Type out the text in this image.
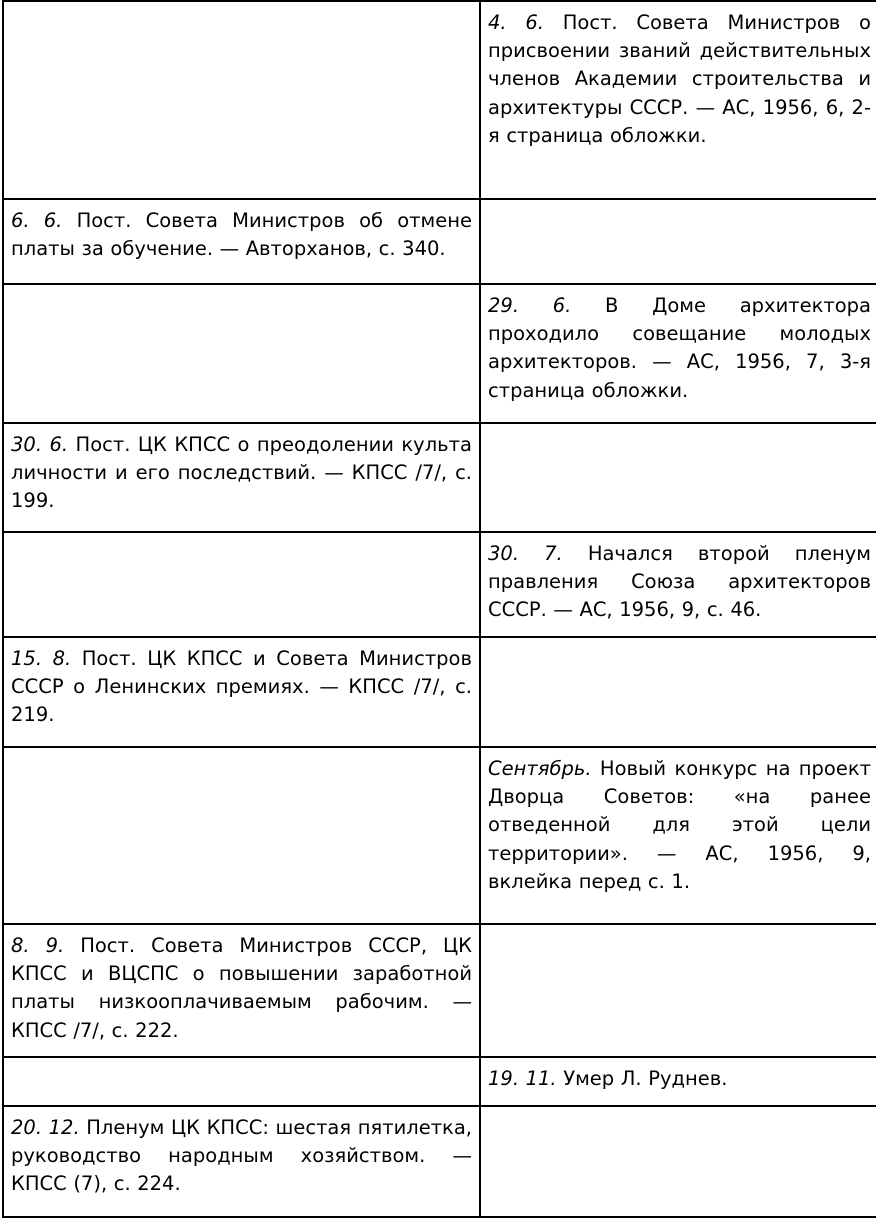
	4. 6. Пост. Совета Министров о присвоении званий действительных членов Академии строительства и архитектуры СССР. — АС, 1956, 6, 2-я страница обложки.

6. 6. Пост. Совета Министров об отмене платы за обучение. — Авторханов, с. 340.	

	29. 6. В Доме архитектора проходило совещание молодых архитекторов. — АС, 1956, 7, 3-я страница обложки.

30. 6. Пост. ЦК КПСС о преодолении культа личности и его последствий. — КПСС /7/, с. 199.	

	30. 7. Начался второй пленум правления Союза архитекторов СССР. — АС, 1956, 9, с. 46.

15. 8. Пост. ЦК КПСС и Совета Министров СССР о Ленинских премиях. — КПСС /7/, с. 219.	

	Сентябрь. Новый конкурс на проект Дворца Советов: «на ранее отведенной для этой цели территории». — АС, 1956, 9, вклейка перед с. 1.

8. 9. Пост. Совета Министров СССР, ЦК КПСС и ВЦСПС о повышении заработной платы низкооплачиваемым рабочим. — КПСС /7/, с. 222.	

	19. 11. Умер Л. Руднев.

20. 12. Пленум ЦК КПСС: шестая пятилетка, руководство народным хозяйством. — КПСС (7), с. 224.	
